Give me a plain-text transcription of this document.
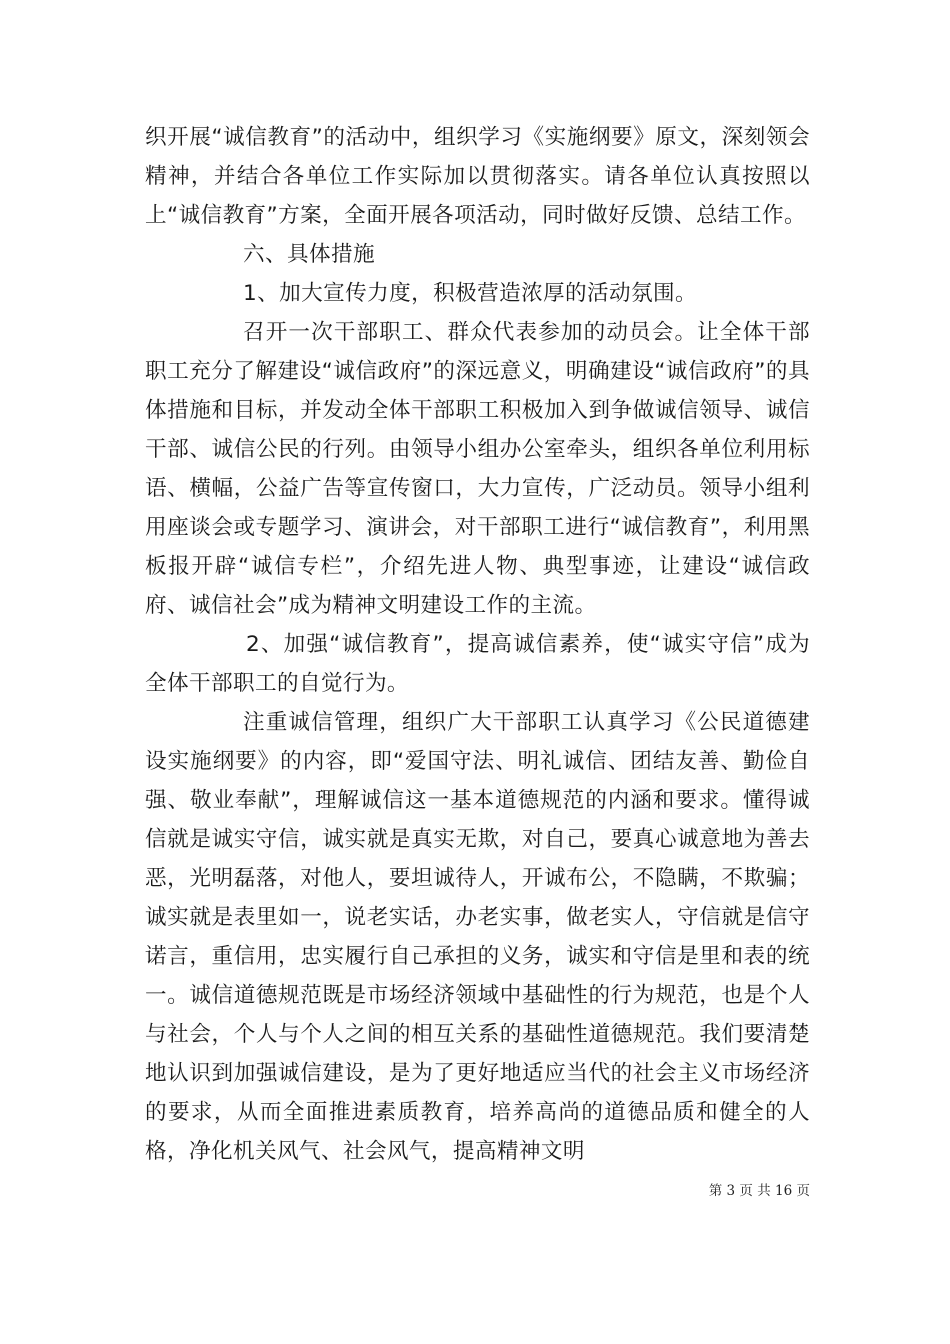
织开展“诚信教育”的活动中，组织学习《实施纲要》原文，深刻领会精神，并结合各单位工作实际加以贯彻落实。请各单位认真按照以上“诚信教育”方案，全面开展各项活动，同时做好反馈、总结工作。

六、具体措施

1、加大宣传力度，积极营造浓厚的活动氛围。

召开一次干部职工、群众代表参加的动员会。让全体干部职工充分了解建设“诚信政府”的深远意义，明确建设“诚信政府”的具体措施和目标，并发动全体干部职工积极加入到争做诚信领导、诚信干部、诚信公民的行列。由领导小组办公室牵头，组织各单位利用标语、横幅，公益广告等宣传窗口，大力宣传，广泛动员。领导小组利用座谈会或专题学习、演讲会，对干部职工进行“诚信教育”，利用黑板报开辟“诚信专栏”，介绍先进人物、典型事迹，让建设“诚信政府、诚信社会”成为精神文明建设工作的主流。

2、加强“诚信教育”，提高诚信素养，使“诚实守信”成为全体干部职工的自觉行为。

注重诚信管理，组织广大干部职工认真学习《公民道德建设实施纲要》的内容，即“爱国守法、明礼诚信、团结友善、勤俭自强、敬业奉献”，理解诚信这一基本道德规范的内涵和要求。懂得诚信就是诚实守信，诚实就是真实无欺，对自己，要真心诚意地为善去恶，光明磊落，对他人，要坦诚待人，开诚布公，不隐瞒，不欺骗；诚实就是表里如一，说老实话，办老实事，做老实人，守信就是信守诺言，重信用，忠实履行自己承担的义务，诚实和守信是里和表的统一。诚信道德规范既是市场经济领域中基础性的行为规范，也是个人与社会，个人与个人之间的相互关系的基础性道德规范。我们要清楚地认识到加强诚信建设，是为了更好地适应当代的社会主义市场经济的要求，从而全面推进素质教育，培养高尚的道德品质和健全的人格，净化机关风气、社会风气，提高精神文明

第 3 页 共 16 页
